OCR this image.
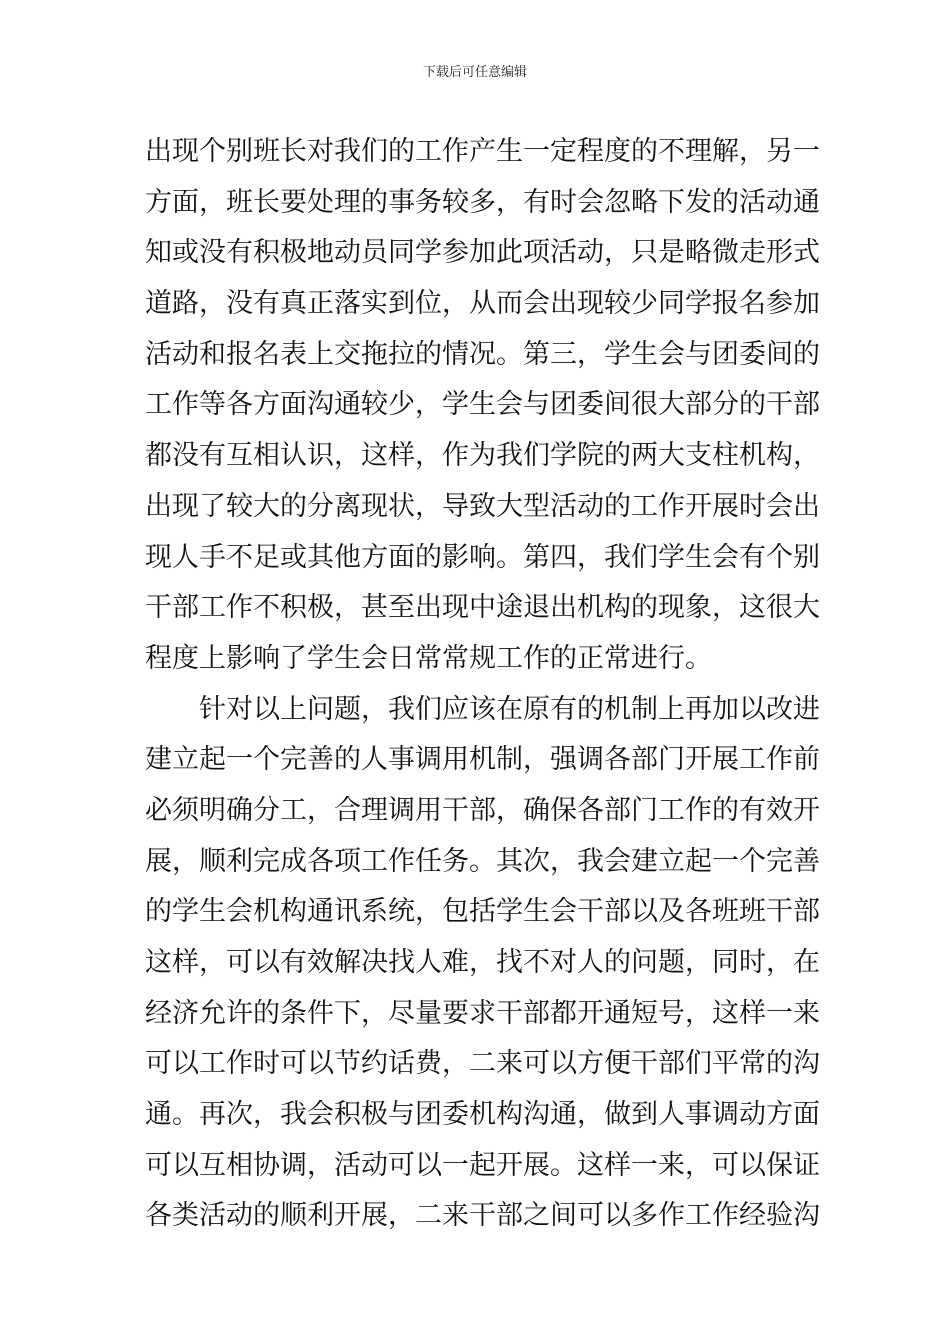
下载后可任意编辑
出现个别班长对我们的工作产生一定程度的不理解，另一
方面，班长要处理的事务较多，有时会忽略下发的活动通
知或没有积极地动员同学参加此项活动，只是略微走形式
道路，没有真正落实到位，从而会出现较少同学报名参加
活动和报名表上交拖拉的情况。第三，学生会与团委间的
工作等各方面沟通较少，学生会与团委间很大部分的干部
都没有互相认识，这样，作为我们学院的两大支柱机构，
出现了较大的分离现状，导致大型活动的工作开展时会出
现人手不足或其他方面的影响。第四，我们学生会有个别
干部工作不积极，甚至出现中途退出机构的现象，这很大
程度上影响了学生会日常常规工作的正常进行。
针对以上问题，我们应该在原有的机制上再加以改进
建立起一个完善的人事调用机制，强调各部门开展工作前
必须明确分工，合理调用干部，确保各部门工作的有效开
展，顺利完成各项工作任务。其次，我会建立起一个完善
的学生会机构通讯系统，包括学生会干部以及各班班干部
这样，可以有效解决找人难，找不对人的问题，同时，在
经济允许的条件下，尽量要求干部都开通短号，这样一来
可以工作时可以节约话费，二来可以方便干部们平常的沟
通。再次，我会积极与团委机构沟通，做到人事调动方面
可以互相协调，活动可以一起开展。这样一来，可以保证
各类活动的顺利开展，二来干部之间可以多作工作经验沟
